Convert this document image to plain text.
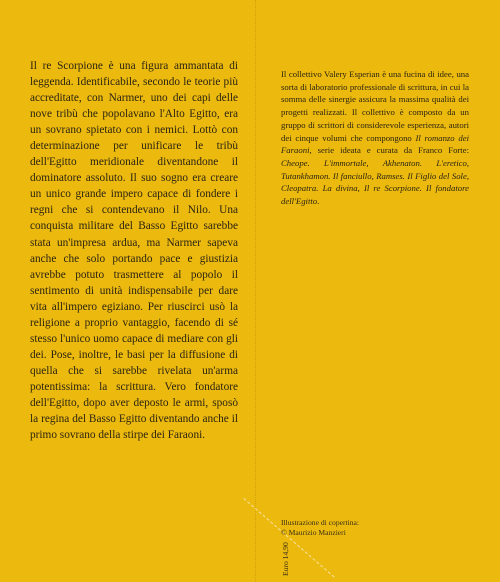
Il re Scorpione è una figura ammantata di leggenda. Identificabile, secondo le teorie più accreditate, con Narmer, uno dei capi delle nove tribù che popolavano l'Alto Egitto, era un sovrano spietato con i nemici. Lottò con determinazione per unificare le tribù dell'Egitto meridionale diventandone il dominatore assoluto. Il suo sogno era creare un unico grande impero capace di fondere i regni che si contendevano il Nilo. Una conquista militare del Basso Egitto sarebbe stata un'impresa ardua, ma Narmer sapeva anche che solo portando pace e giustizia avrebbe potuto trasmettere al popolo il sentimento di unità indispensabile per dare vita all'impero egiziano. Per riuscirci usò la religione a proprio vantaggio, facendo di sé stesso l'unico uomo capace di mediare con gli dei. Pose, inoltre, le basi per la diffusione di quella che si sarebbe rivelata un'arma potentissima: la scrittura. Vero fondatore dell'Egitto, dopo aver deposto le armi, sposò la regina del Basso Egitto diventando anche il primo sovrano della stirpe dei Faraoni.

Il collettivo Valery Esperian è una fucina di idee, una sorta di laboratorio professionale di scrittura, in cui la somma delle sinergie assicura la massima qualità dei progetti realizzati. Il collettivo è composto da un gruppo di scrittori di considerevole esperienza, autori dei cinque volumi che compongono Il romanzo dei Faraoni, serie ideata e curata da Franco Forte: Cheope. L'immortale, Akhenaton. L'eretico, Tutankhamon. Il fanciullo, Ramses. Il Figlio del Sole, Cleopatra. La divina, Il re Scorpione. Il fondatore dell'Egitto.

Illustrazione di copertina:
© Maurizio Manzieri
Euro 14,90
